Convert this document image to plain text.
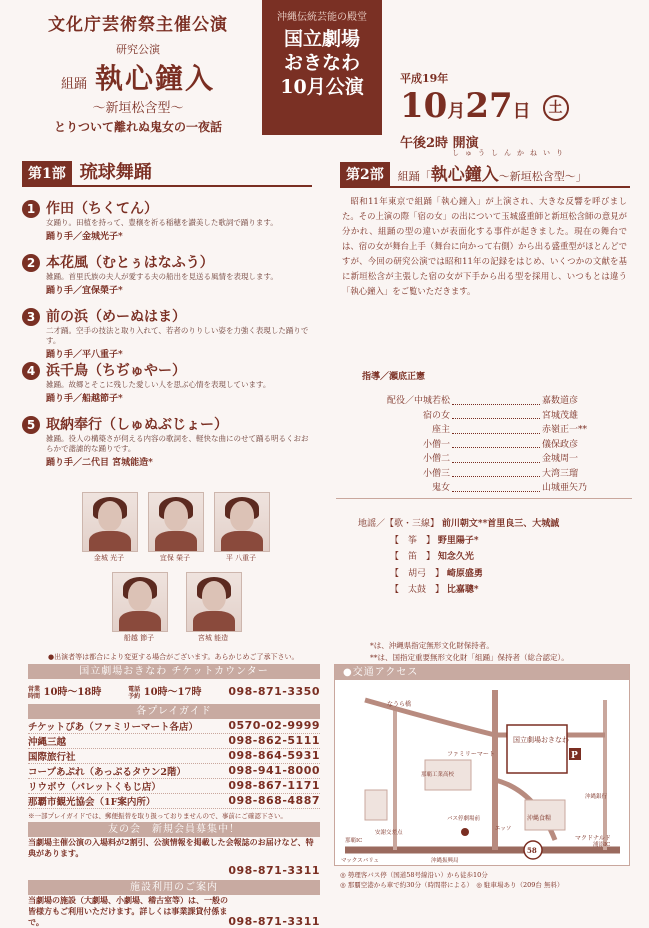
文化庁芸術祭主催公演
研究公演
組踊 執心鐘入
～新垣松含型～
とりついて離れぬ鬼女の一夜話
沖縄伝統芸能の殿堂
国立劇場
おきなわ
10月公演	平成19年
10月27日 土
午後2時 開演
第1部 琉球舞踊
1 作田（ちくてん）
女踊り。田植を持って、豊穣を祈る稲穂を讃美した歌詞で踊ります。
踊り手／金城光子*
2 本花風（むとぅはなふう）
雑踊。首里氏族の夫人が愛する夫の船出を見送る風情を表現します。
踊り手／宜保榮子*
3 前の浜（めーぬはま）
二才踊。空手の技法と取り入れて、若者のりりしい姿を力強く表現した踊りです。
踊り手／平八重子*
4 浜千鳥（ちぢゅやー）
雑踊。故郷とそこに残した愛しい人を思ぶ心情を表現しています。
踊り手／船越節子*
5 取納奉行（しゅぬぶじょー）
雑踊。役人の構築さが伺える内容の歌詞を、軽快な曲にのせて踊る明るくおおらかで諧謔的な踊りです。
踊り手／二代目 宮城能造*
金城 光子	宜保 榮子	平 八重子
船越 節子	宮城 能造
●出演者等は都合により変更する場合がございます。あらかじめご了承下さい。
しゅうしんかねいり
第2部	組踊「執心鐘入～新垣松含型～」
昭和11年東京で組踊「執心鐘入」が上演され、大きな反響を呼びました。その上演の際「宿の女」の出について玉城盛重師と新垣松含師の意見が分かれ、組踊の型の違いが表面化する事件が起きました。現在の舞台では、宿の女が舞台上手（舞台に向かって右側）から出る盛重型がほとんどですが、今回の研究公演では昭和11年の記録をはじめ、いくつかの文献を基に新垣松含が主張した宿の女が下手から出る型を採用し、いつもとは違う「執心鐘入」をご覧いただきます。
指導／瀬底正憲
配役／中城若松	嘉数道彦
宿の女	宮城茂雄
座主	赤嶺正一**
小僧一	儀保政彦
小僧二	金城周一
小僧三	大湾三瑠
鬼女	山城亜矢乃
地謡／【歌・三線】 前川朝文**首里良三、大城誠
【　筝　】 野里陽子*
【　笛　】 知念久光
【　胡弓　】 崎原盛勇
【　太鼓　】 比嘉聰*
*は、沖縄県指定無形文化財保持者。
**は、国指定重要無形文化財「組踊」保持者（総合認定）。
国立劇場おきなわ チケットカウンター
営業時間 10時～18時	電話予約 10時～17時 098-871-3350
各プレイガイド
チケットぴあ（ファミリーマート各店）	0570-02-9999
沖縄三越	098-862-5111
国際旅行社	098-864-5931
コープあぷれ（あっぷるタウン2階）	098-941-8000
リウボウ（パレットくもじ店）	098-867-1171
那覇市観光協会（1F案内所）	098-868-4887
※一部プレイガイドでは、郵便振替を取り扱っておりませんので、事前にご確認下さい。
友の会　新規会員募集中！
当劇場主催公演の入場料が2割引、公演情報を掲載した会報誌のお届けなど、特典があります。
098-871-3311
施設利用のご案内
当劇場の施設（大劇場、小劇場、稽古室等）は、一般の皆様方もご利用いただけます。詳しくは事業課貸付係まで。	098-871-3311
●交通アクセス
なうら橋
国立劇場おきなわ
ファミリーマート
那覇工業高校
バス停劇場前	沖縄食糧
マクドナルド
沖縄銀行
58
那覇IC
浦添IC
安謝交差点
エッソ
マックスバリュ	沖縄振興局
P
◎ 勢理客バス停（国道58号線沿い）から徒歩10分
◎ 那覇空港から車で約30分（時間帯による）　◎ 駐車場あり（209台 無料）
